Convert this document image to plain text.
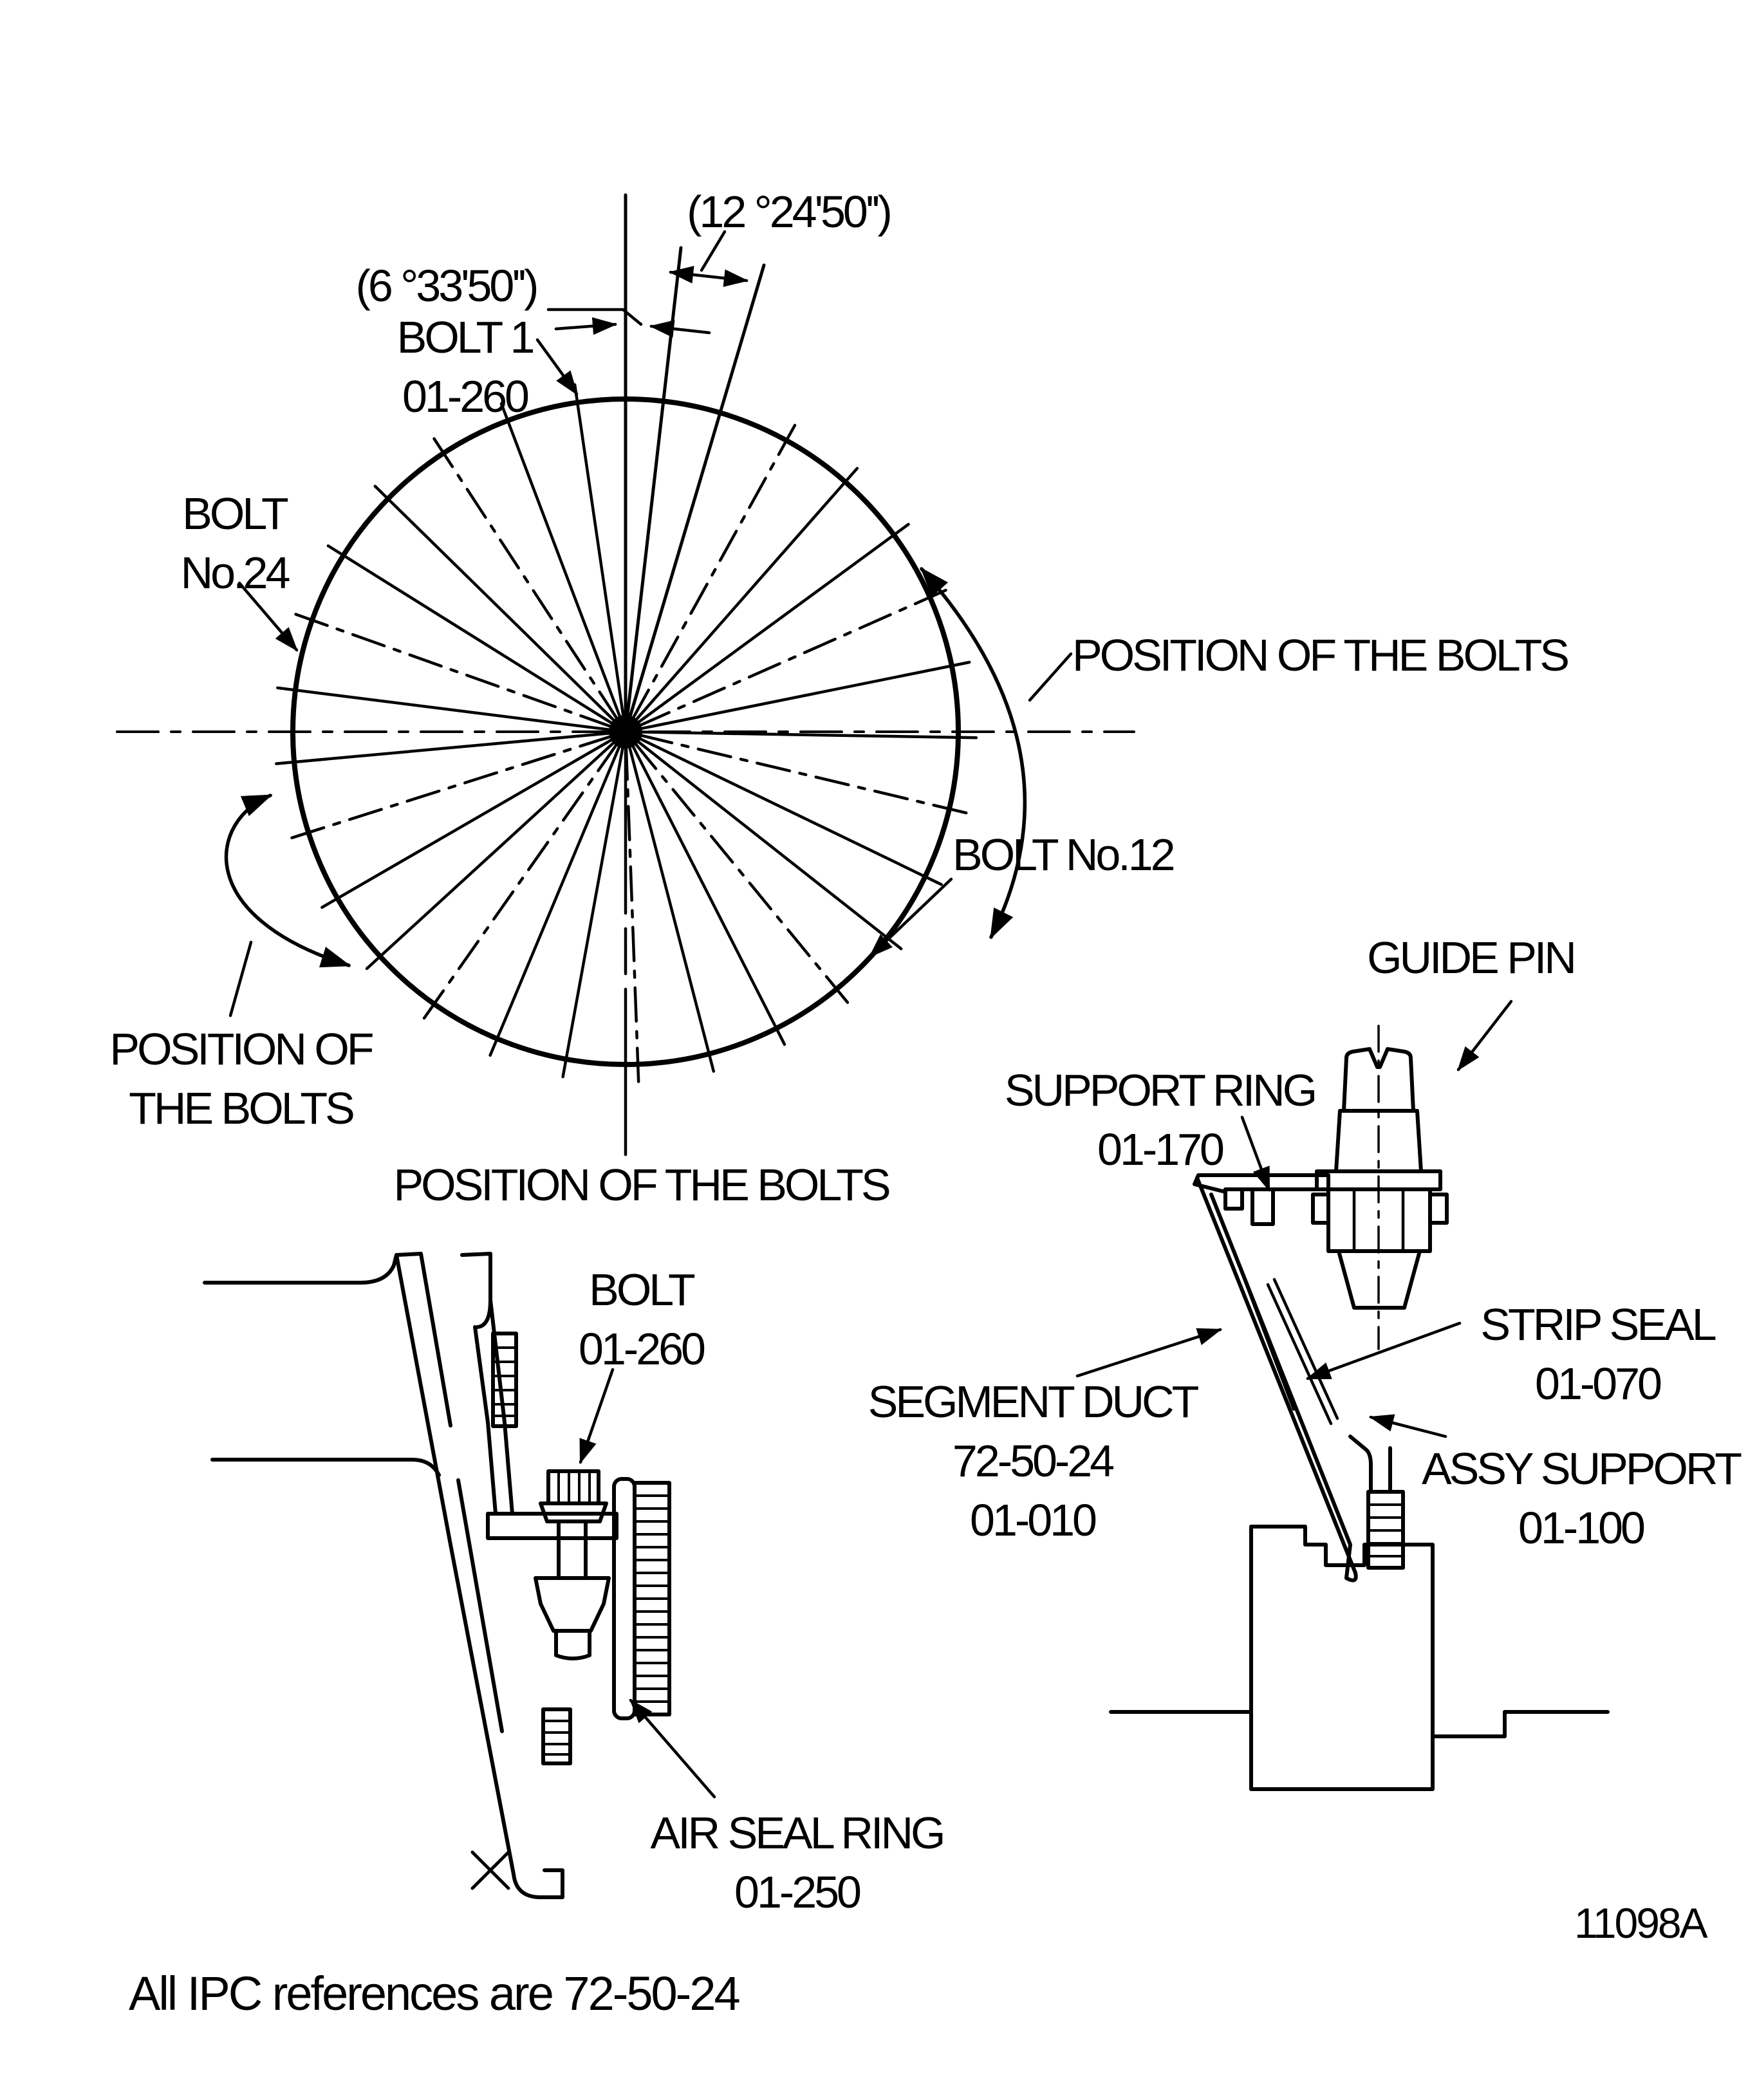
(6 °33'50'')
(12 °24'50'')
BOLT 1
01-260
BOLT
No.24
POSITION OF THE BOLTS
BOLT No.12
POSITION OF
THE BOLTS
POSITION OF THE BOLTS
BOLT
01-260
AIR SEAL RING
01-250
GUIDE PIN
SUPPORT RING
01-170
STRIP SEAL
01-070
SEGMENT DUCT
72-50-24
01-010
ASSY SUPPORT
01-100
All IPC references are 72-50-24
11098A
